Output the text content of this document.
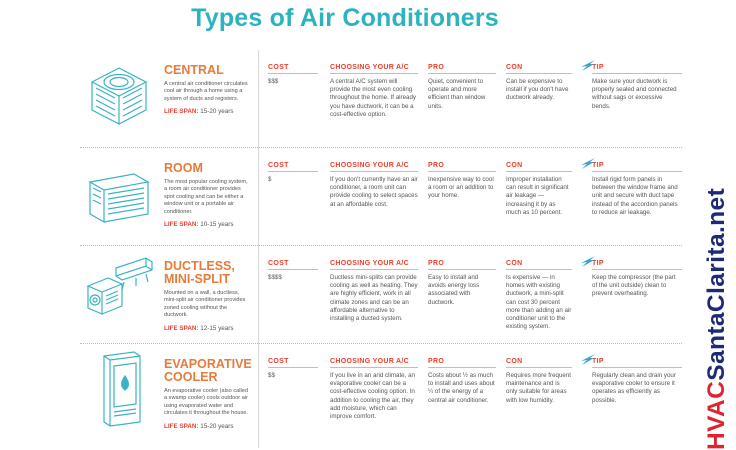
Types of Air Conditioners
CENTRAL
A central air conditioner circulates cool air through a home using a system of ducts and registers.
LIFE SPAN: 15-20 years
COST
$$$
CHOOSING YOUR A/C
A central A/C system will provide the most even cooling throughout the home. If already you have ductwork, it can be a cost-effective option.
PRO
Quiet, convenient to operate and more efficient than window units.
CON
Can be expensive to install if you don't have ductwork already.
TIP
Make sure your ductwork is properly sealed and connected without sags or excessive bends.
ROOM
The most popular cooling system, a room air conditioner provides spot cooling and can be either a window unit or a portable air conditioner.
LIFE SPAN: 10-15 years
COST
$
CHOOSING YOUR A/C
If you don't currently have an air conditioner, a room unit can provide cooling to select spaces at an affordable cost.
PRO
Inexpensive way to cool a room or an addition to your home.
CON
Improper installation can result in significant air leakage — increasing it by as much as 10 percent.
TIP
Install rigid form panels in between the window frame and unit and secure with duct tape instead of the accordion panels to reduce air leakage.
DUCTLESS, MINI-SPLIT
Mounted on a wall, a ductless, mini-split air conditioner provides zoned cooling without the ductwork.
LIFE SPAN: 12-15 years
COST
$$$$
CHOOSING YOUR A/C
Ductless mini-splits can provide cooling as well as heating. They are highly efficient, work in all climate zones and can be an affordable alternative to installing a ducted system.
PRO
Easy to install and avoids energy loss associated with ductwork.
CON
Is expensive — in homes with existing ductwork, a mini-split can cost 30 percent more than adding an air conditioner unit to the existing system.
TIP
Keep the compressor (the part of the unit outside) clean to prevent overheating.
EVAPORATIVE COOLER
An evaporative cooler (also called a swamp cooler) cools outdoor air using evaporated water and circulates it throughout the house.
LIFE SPAN: 15-20 years
COST
$$
CHOOSING YOUR A/C
If you live in an arid climate, an evaporative cooler can be a cost-effective cooling option. In addition to cooling the air, they add moisture, which can improve comfort.
PRO
Costs about ½ as much to install and uses about ¼ of the energy of a central air conditioner.
CON
Requires more frequent maintenance and is only suitable for areas with low humidity.
TIP
Regularly clean and drain your evaporative cooler to ensure it operates as efficiently as possible.	HVACSantaClarita.net
